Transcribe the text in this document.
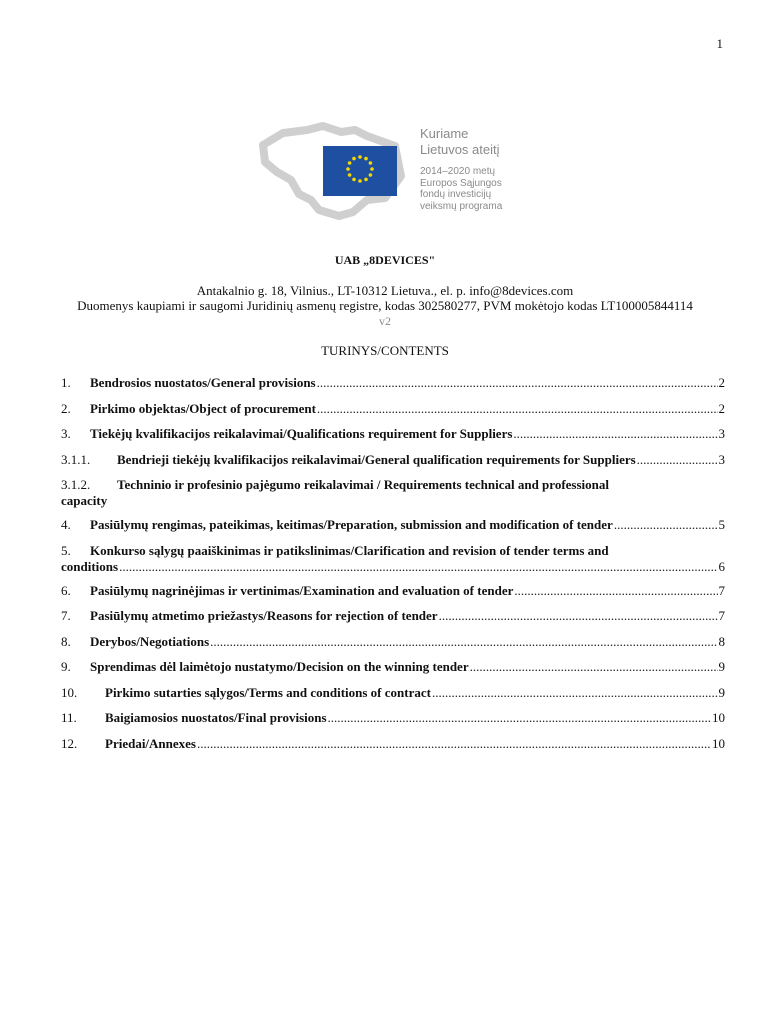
1
Kuriame
Lietuvos ateitį
2014–2020 metų
Europos Sąjungos
fondų investicijų
veiksmų programa
UAB „8DEVICES"
Antakalnio g. 18, Vilnius., LT-10312 Lietuva., el. p. info@8devices.com
Duomenys kaupiami ir saugomi Juridinių asmenų registre, kodas 302580277, PVM mokėtojo kodas LT100005844114
v2
TURINYS/CONTENTS
1.	Bendrosios nuostatos/General provisions .....	2
2.	Pirkimo objektas/Object of procurement .....	2
3.	Tiekėjų kvalifikacijos reikalavimai/Qualifications requirement for Suppliers .....	3
3.1.1.	Bendrieji tiekėjų kvalifikacijos reikalavimai/General qualification requirements for Suppliers .....	3
3.1.2.	Techninio ir profesinio pajėgumo reikalavimai / Requirements technical and professional
capacity
4.	Pasiūlymų rengimas, pateikimas, keitimas/Preparation, submission and modification of tender .....	5
5.	Konkurso sąlygų paaiškinimas ir patikslinimas/Clarification and revision of tender terms and
conditions .....	6
6.	Pasiūlymų nagrinėjimas ir vertinimas/Examination and evaluation of tender .....	7
7.	Pasiūlymų atmetimo priežastys/Reasons for rejection of tender .....	7
8.	Derybos/Negotiations .....	8
9.	Sprendimas dėl laimėtojo nustatymo/Decision on the winning tender .....	9
10.	Pirkimo sutarties sąlygos/Terms and conditions of contract .....	9
11.	Baigiamosios nuostatos/Final provisions .....	10
12.	Priedai/Annexes .....	10
